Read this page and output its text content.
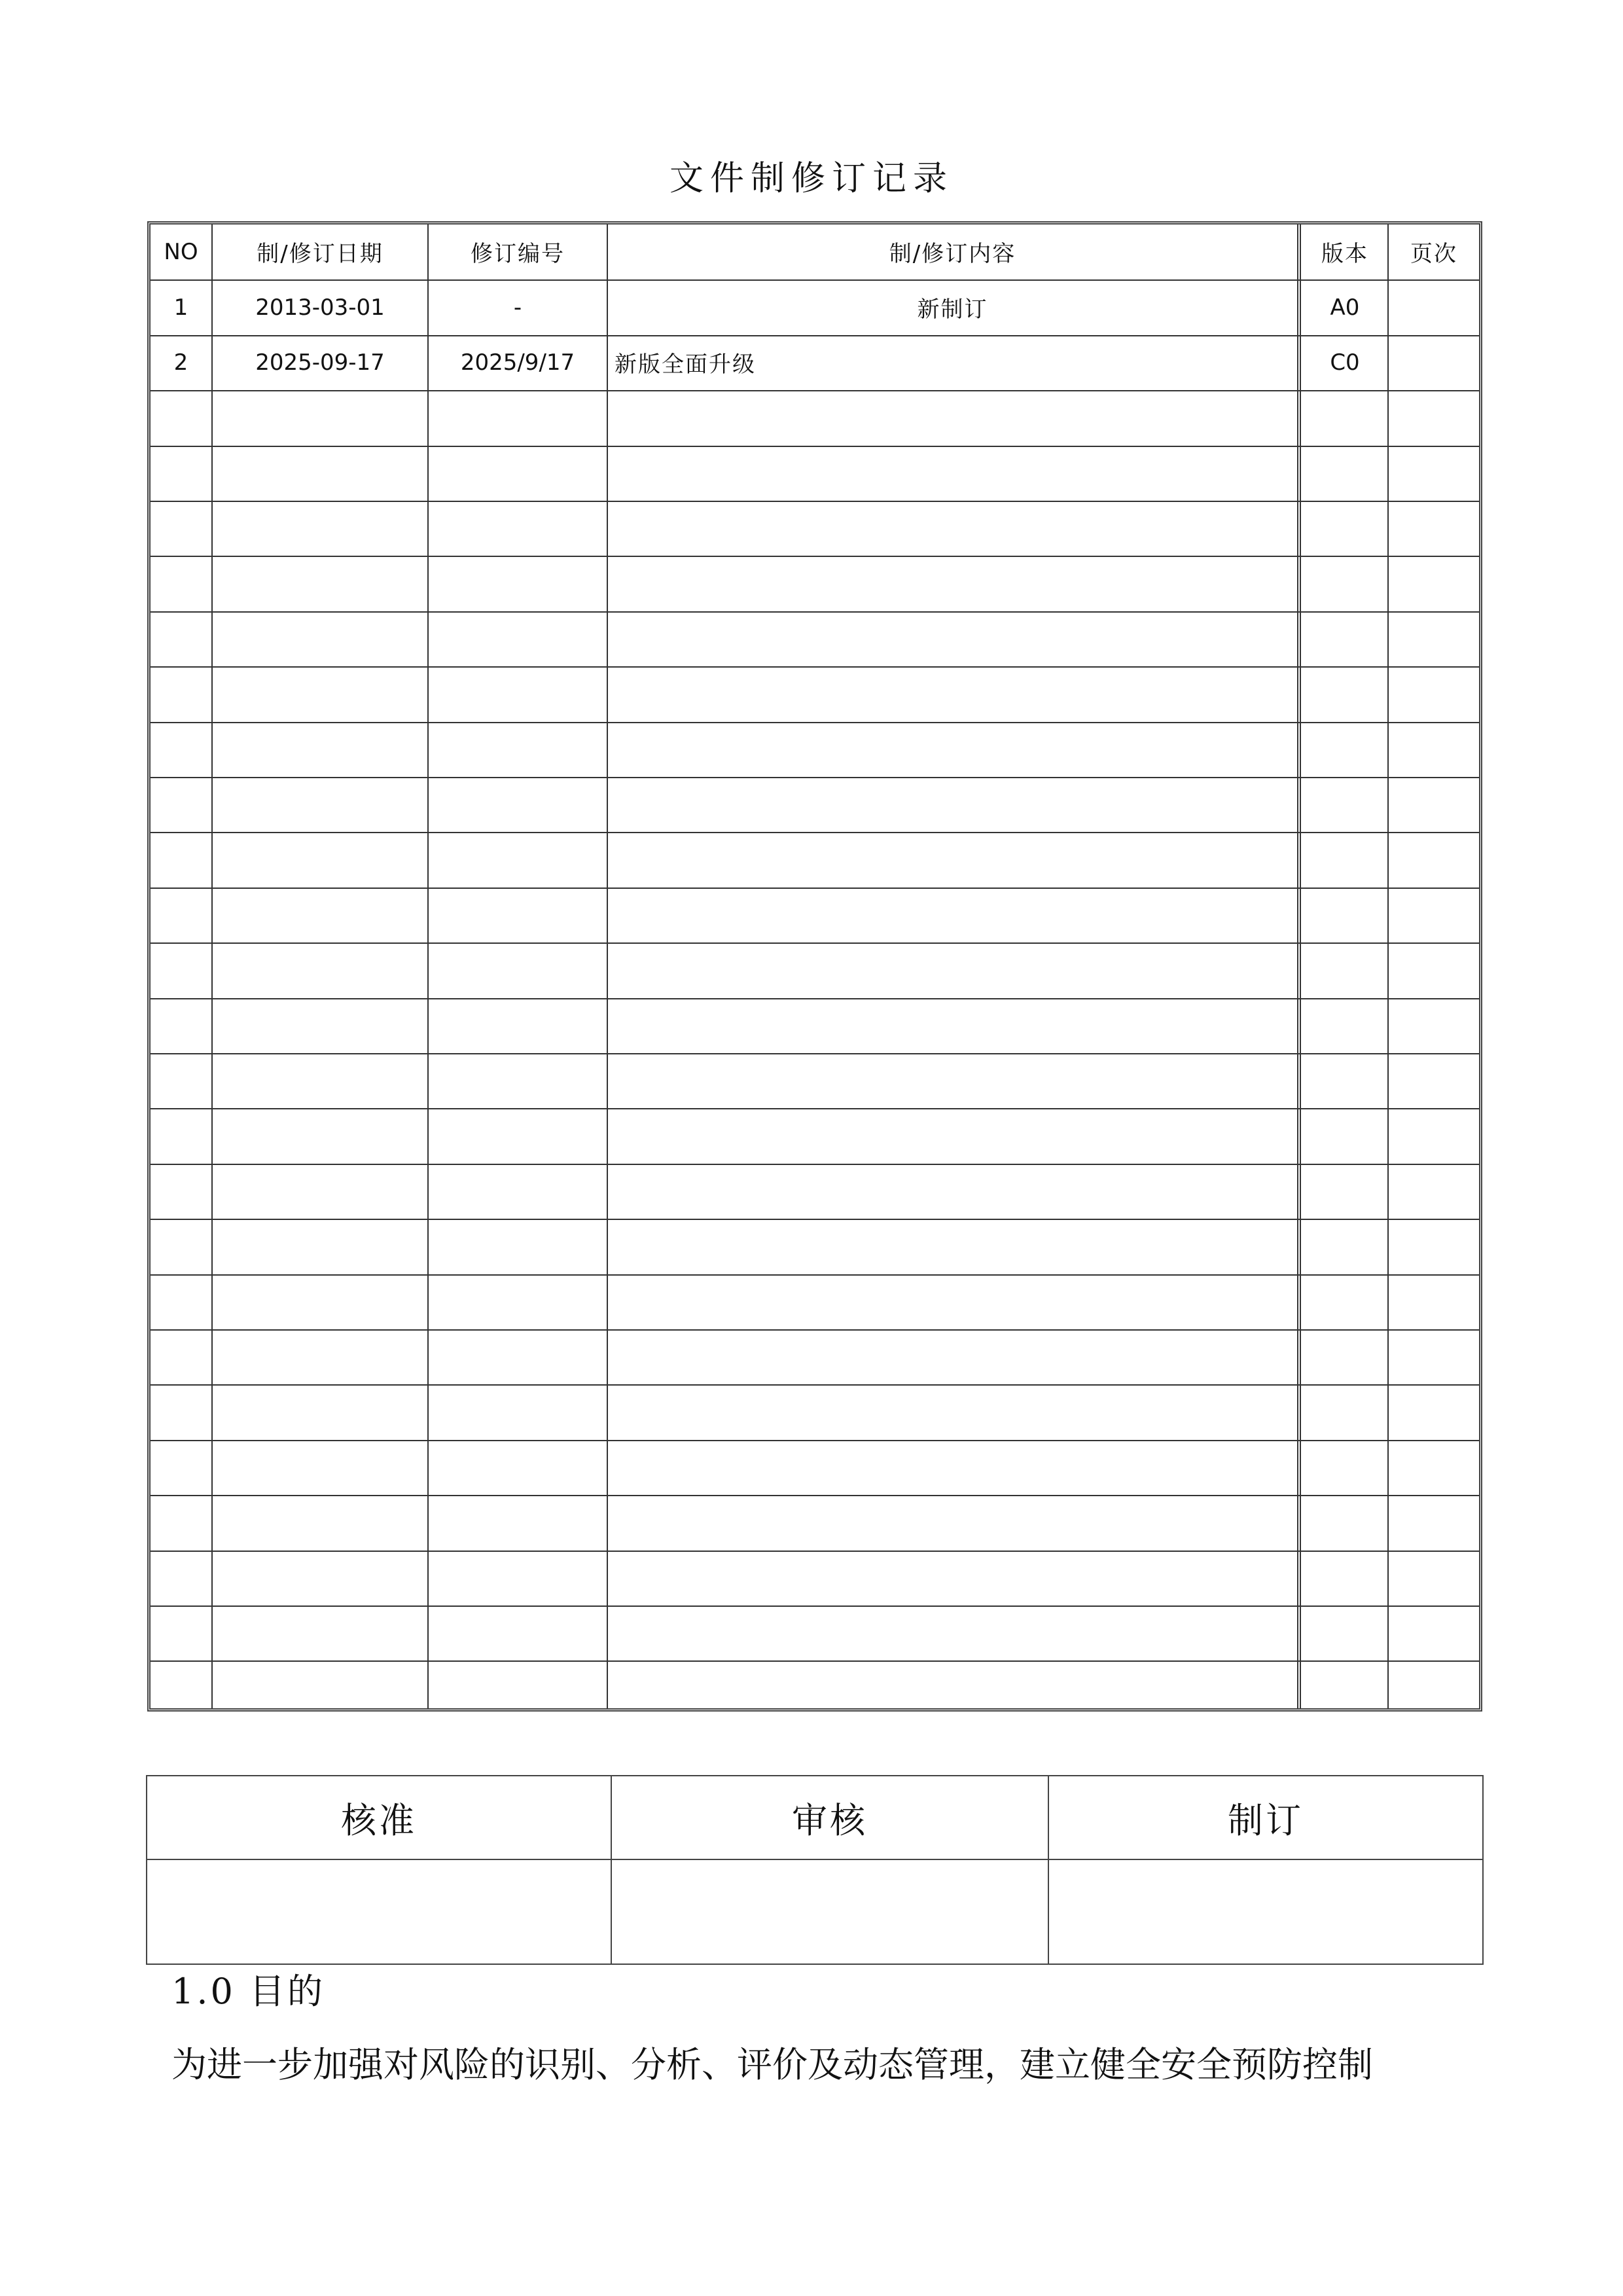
文件制修订记录
NO	制/修订日期	修订编号	制/修订内容	版本	页次
1	2013-03-01	-	新制订	A0
2	2025-09-17	2025/9/17	新版全面升级	C0
核准	审核	制订
1.0 目的
为进一步加强对风险的识别、分析、评价及动态管理，建立健全安全预防控制
